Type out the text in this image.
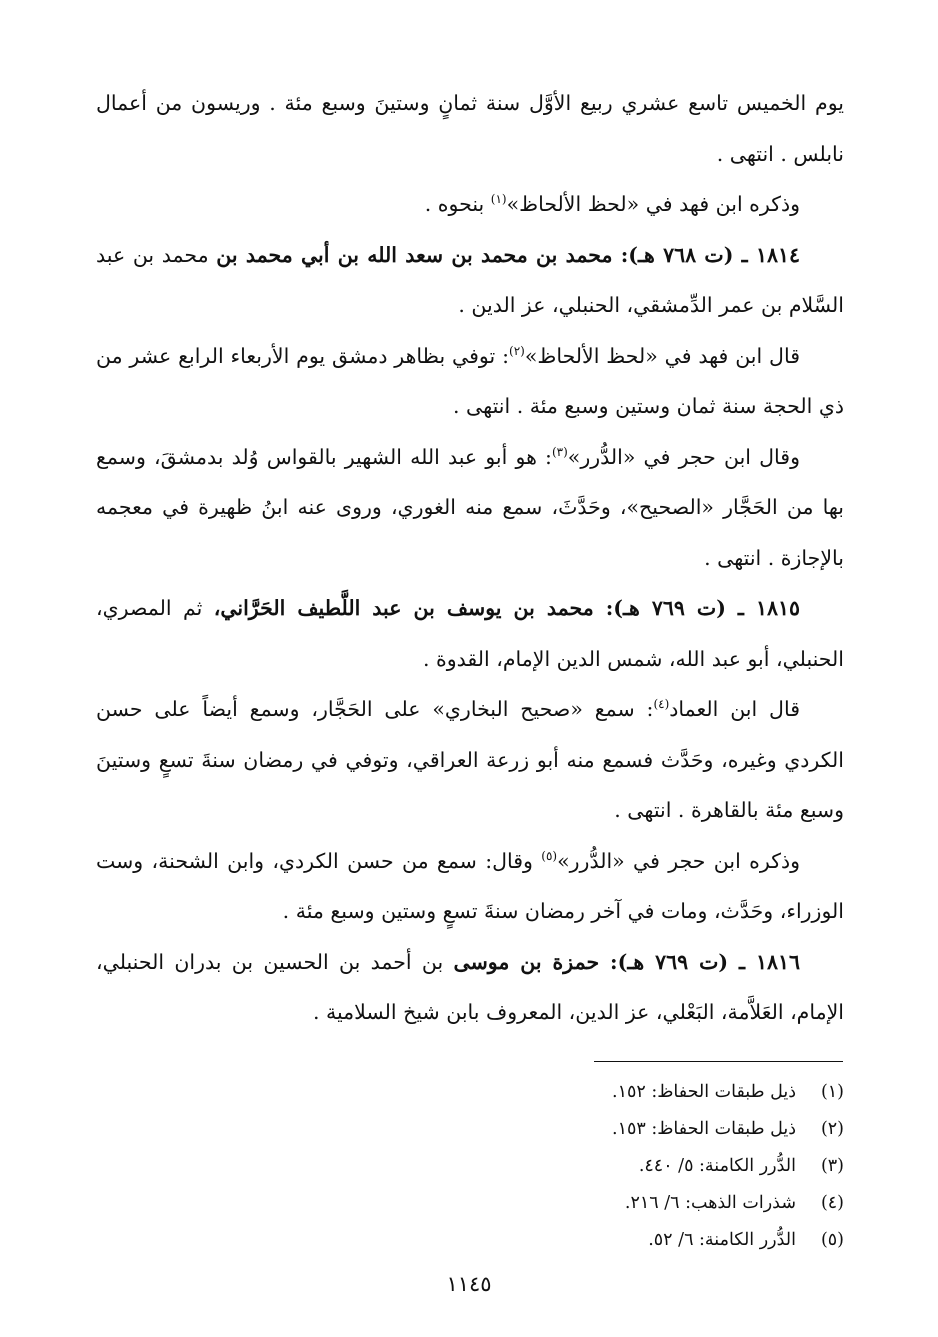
يوم الخميس تاسع عشري ربيع الأوَّل سنة ثمانٍ وستينَ وسبع مئة . وريسون من أعمال نابلس . انتهى .

وذكره ابن فهد في «لحظ الألحاظ»$^{(١)}$ بنحوه .

١٨١٤ ـ (ت ٧٦٨ هـ): محمد بن محمد بن سعد الله بن أبي محمد بن محمد بن عبد السَّلام بن عمر الدِّمشقي، الحنبلي، عز الدين .

قال ابن فهد في «لحظ الألحاظ»$^{(٢)}$: توفي بظاهر دمشق يوم الأربعاء الرابع عشر من ذي الحجة سنة ثمان وستين وسبع مئة . انتهى .

وقال ابن حجر في «الدُّرر»$^{(٣)}$: هو أبو عبد الله الشهير بالقواس وُلد بدمشقَ، وسمع بها من الحَجَّار «الصحيح»، وحَدَّثَ، سمع منه الغوري، وروى عنه ابنُ ظهيرة في معجمه بالإجازة . انتهى .

١٨١٥ ـ (ت ٧٦٩ هـ): محمد بن يوسف بن عبد اللَّطيف الحَرَّاني، ثم المصري، الحنبلي، أبو عبد الله، شمس الدين الإمام، القدوة .

قال ابن العماد$^{(٤)}$: سمع «صحيح البخاري» على الحَجَّار، وسمع أيضاً على حسن الكردي وغيره، وحَدَّث فسمع منه أبو زرعة العراقي، وتوفي في رمضان سنةَ تسعٍ وستينَ وسبع مئة بالقاهرة . انتهى .

وذكره ابن حجر في «الدُّرر»$^{(٥)}$ وقال: سمع من حسن الكردي، وابن الشحنة، وست الوزراء، وحَدَّث، ومات في آخر رمضان سنةَ تسعٍ وستين وسبع مئة .

١٨١٦ ـ (ت ٧٦٩ هـ): حمزة بن موسى بن أحمد بن الحسين بن بدران الحنبلي، الإمام، العَلاَّمة، البَعْلي، عز الدين، المعروف بابن شيخ السلامية .

(١)
ذيل طبقات الحفاظ: ١٥٢.
(٢)
ذيل طبقات الحفاظ: ١٥٣.
(٣)
الدُّرر الكامنة: ٥/ ٤٤٠.
(٤)
شذرات الذهب: ٦/ ٢١٦.
(٥)
الدُّرر الكامنة: ٦/ ٥٢.
١١٤٥
